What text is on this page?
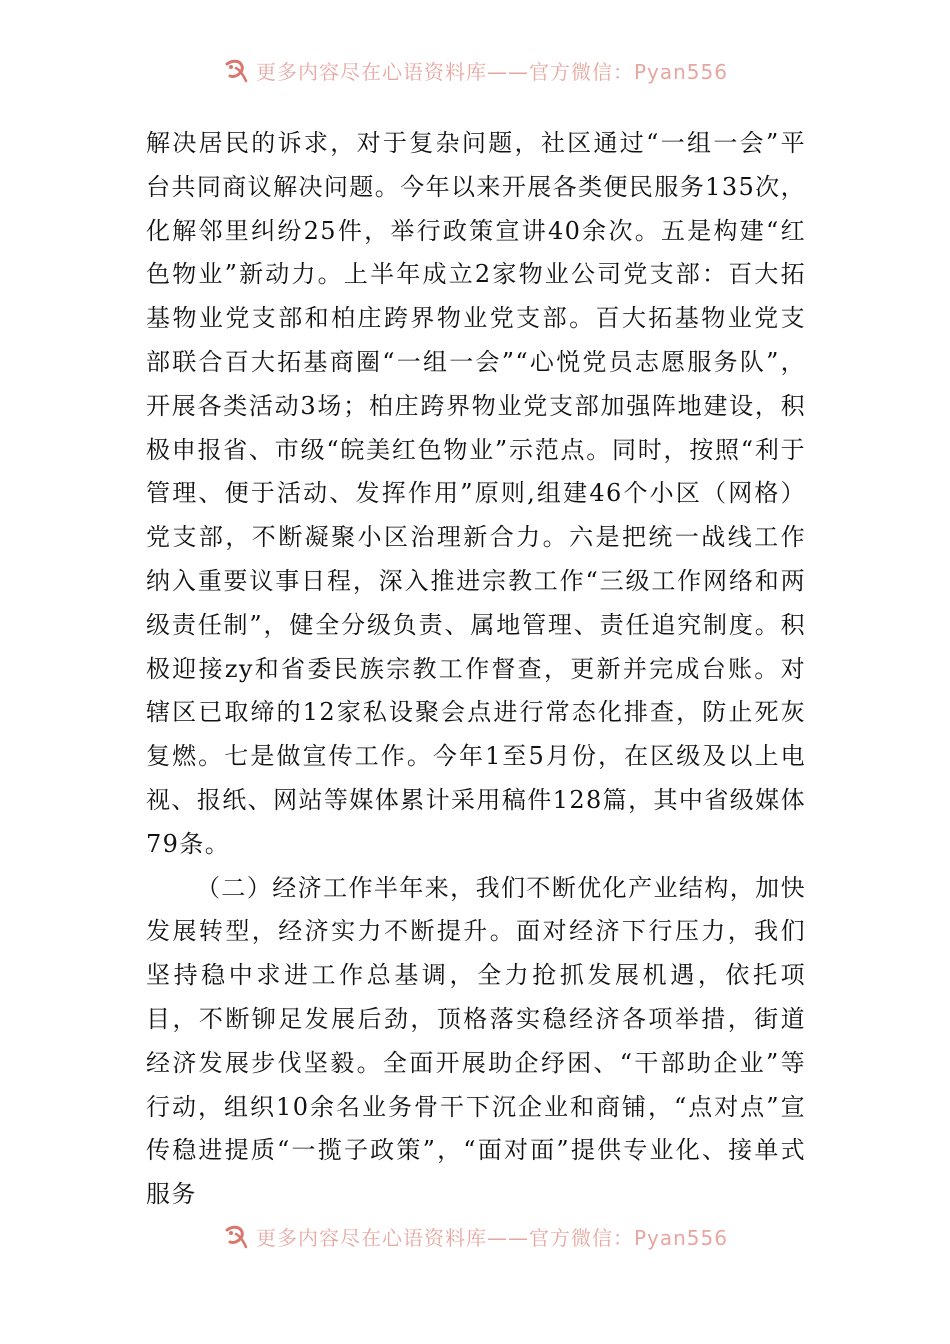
更多内容尽在心语资料库——官方微信：Pyan556

解决居民的诉求，对于复杂问题，社区通过“一组一会”平台共同商议解决问题。今年以来开展各类便民服务135次，化解邻里纠纷25件，举行政策宣讲40余次。五是构建“红色物业”新动力。上半年成立2家物业公司党支部：百大拓基物业党支部和柏庄跨界物业党支部。百大拓基物业党支部联合百大拓基商圈“一组一会”“心悦党员志愿服务队”，开展各类活动3场；柏庄跨界物业党支部加强阵地建设，积极申报省、市级“皖美红色物业”示范点。同时，按照“利于管理、便于活动、发挥作用”原则,组建46个小区（网格）党支部，不断凝聚小区治理新合力。六是把统一战线工作纳入重要议事日程，深入推进宗教工作“三级工作网络和两级责任制”，健全分级负责、属地管理、责任追究制度。积极迎接zy和省委民族宗教工作督查，更新并完成台账。对辖区已取缔的12家私设聚会点进行常态化排查，防止死灰复燃。七是做宣传工作。今年1至5月份，在区级及以上电视、报纸、网站等媒体累计采用稿件128篇，其中省级媒体79条。

（二）经济工作半年来，我们不断优化产业结构，加快发展转型，经济实力不断提升。面对经济下行压力，我们坚持稳中求进工作总基调，全力抢抓发展机遇，依托项目，不断铆足发展后劲，顶格落实稳经济各项举措，街道经济发展步伐坚毅。全面开展助企纾困、“干部助企业”等行动，组织10余名业务骨干下沉企业和商铺，“点对点”宣传稳进提质“一揽子政策”，“面对面”提供专业化、接单式服务

更多内容尽在心语资料库——官方微信：Pyan556
